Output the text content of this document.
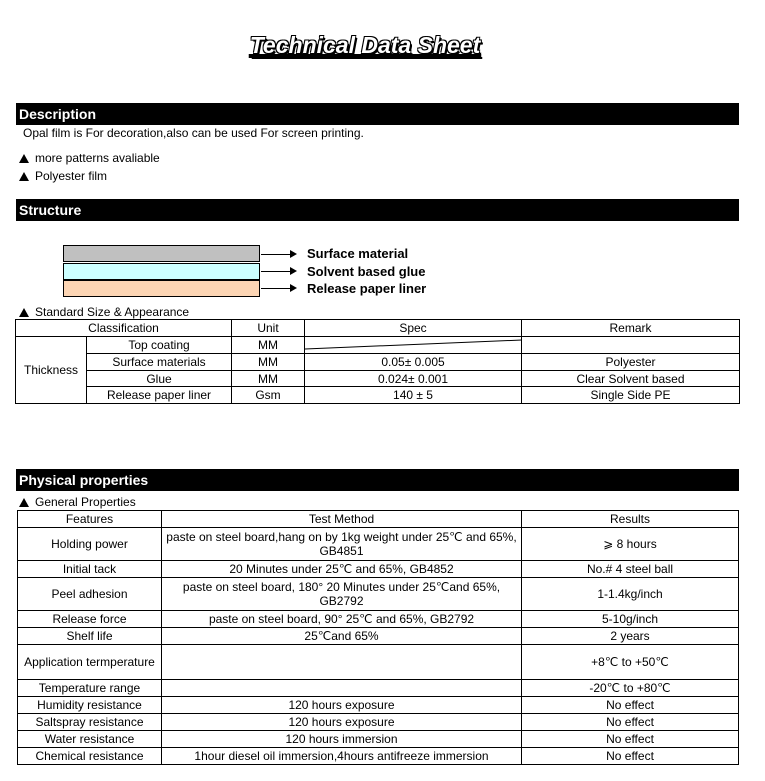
Technical Data Sheet
Description
Opal film is For decoration,also can be used For screen printing.
more patterns avaliable
Polyester film
Structure
Surface material
Solvent based glue
Release paper liner
Standard Size & Appearance
Classification		Unit	Spec	Remark
Thickness	Top coating	MM	

	Surface materials	MM	0.05± 0.005	Polyester
	Glue	MM	0.024± 0.001	Clear Solvent based
	Release paper liner	Gsm	140 ± 5	Single Side PE
Physical properties
General Properties
Features	Test Method	Results
Holding power	paste on steel board,hang on by 1kg weight under 25℃ and 65%, GB4851	⩾ 8 hours
Initial tack	20 Minutes under 25℃ and 65%, GB4852	No.# 4 steel ball
Peel adhesion	paste on steel board, 180° 20 Minutes under 25℃and 65%, GB2792	1-1.4kg/inch
Release force	paste on steel board, 90° 25℃ and 65%, GB2792	5-10g/inch
Shelf life	25℃and 65%	2 years
Application termperature		+8℃ to +50℃
Temperature range		-20℃ to +80℃
Humidity resistance	120 hours exposure	No effect
Saltspray resistance	120 hours exposure	No effect
Water resistance	120 hours immersion	No effect
Chemical resistance	1hour diesel oil immersion,4hours antifreeze immersion	No effect
